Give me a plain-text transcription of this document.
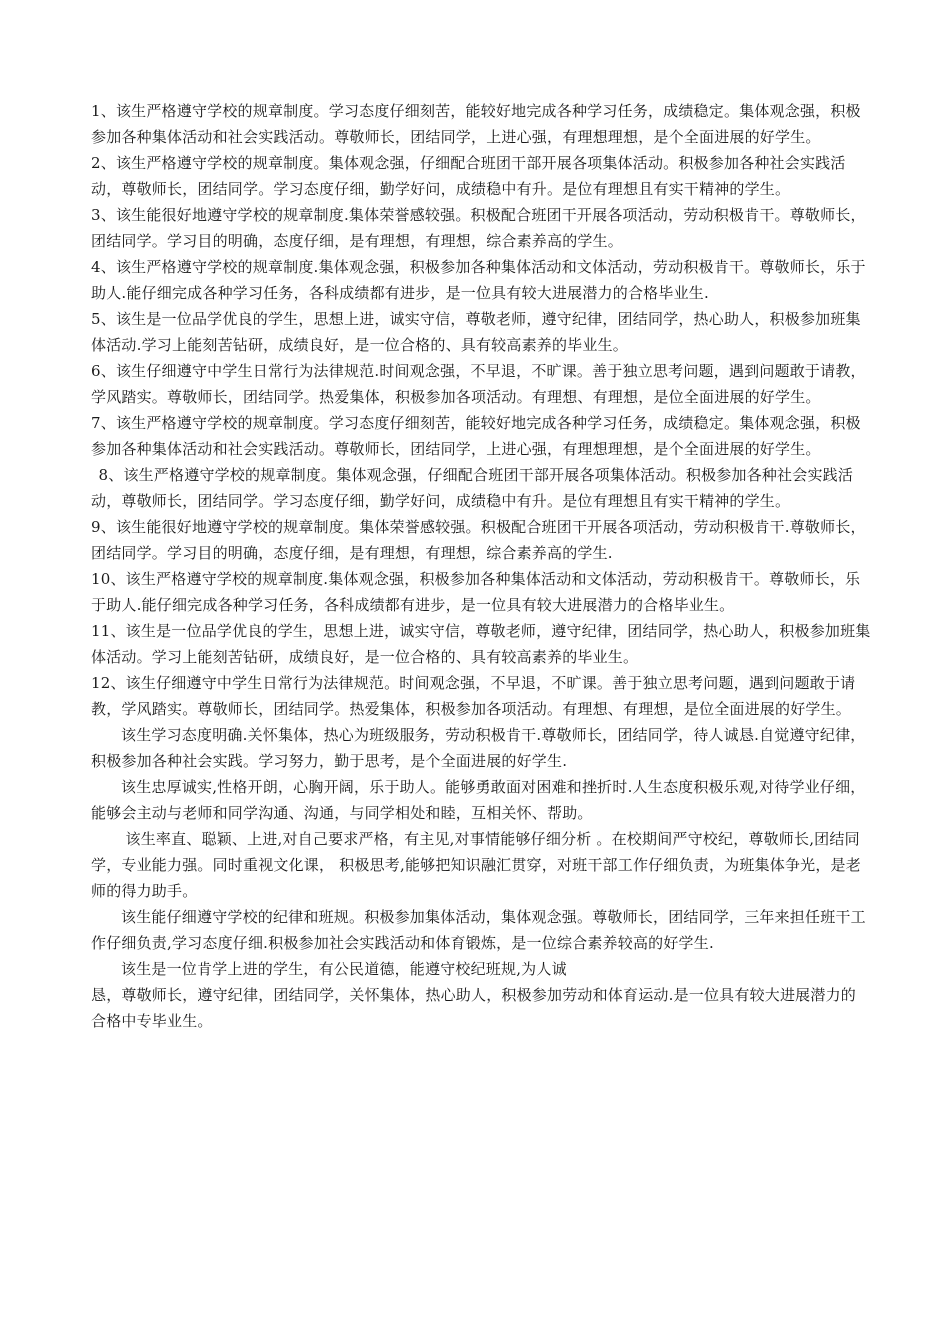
1、该生严格遵守学校的规章制度。学习态度仔细刻苦，能较好地完成各种学习任务，成绩稳定。集体观念强，积极参加各种集体活动和社会实践活动。尊敬师长，团结同学，上进心强，有理想理想，是个全面进展的好学生。

2、该生严格遵守学校的规章制度。集体观念强，仔细配合班团干部开展各项集体活动。积极参加各种社会实践活动，尊敬师长，团结同学。学习态度仔细，勤学好问，成绩稳中有升。是位有理想且有实干精神的学生。

3、该生能很好地遵守学校的规章制度.集体荣誉感较强。积极配合班团干开展各项活动，劳动积极肯干。尊敬师长，团结同学。学习目的明确，态度仔细，是有理想，有理想，综合素养高的学生。

4、该生严格遵守学校的规章制度.集体观念强，积极参加各种集体活动和文体活动，劳动积极肯干。尊敬师长，乐于助人.能仔细完成各种学习任务，各科成绩都有进步，是一位具有较大进展潜力的合格毕业生.

5、该生是一位品学优良的学生，思想上进，诚实守信，尊敬老师，遵守纪律，团结同学，热心助人，积极参加班集体活动.学习上能刻苦钻研，成绩良好，是一位合格的、具有较高素养的毕业生。

6、该生仔细遵守中学生日常行为法律规范.时间观念强，不早退，不旷课。善于独立思考问题，遇到问题敢于请教，学风踏实。尊敬师长，团结同学。热爱集体，积极参加各项活动。有理想、有理想，是位全面进展的好学生。

7、该生严格遵守学校的规章制度。学习态度仔细刻苦，能较好地完成各种学习任务，成绩稳定。集体观念强，积极参加各种集体活动和社会实践活动。尊敬师长，团结同学，上进心强，有理想理想，是个全面进展的好学生。

8、该生严格遵守学校的规章制度。集体观念强，仔细配合班团干部开展各项集体活动。积极参加各种社会实践活动，尊敬师长，团结同学。学习态度仔细，勤学好问，成绩稳中有升。是位有理想且有实干精神的学生。

9、该生能很好地遵守学校的规章制度。集体荣誉感较强。积极配合班团干开展各项活动，劳动积极肯干.尊敬师长，团结同学。学习目的明确，态度仔细，是有理想，有理想，综合素养高的学生.

10、该生严格遵守学校的规章制度.集体观念强，积极参加各种集体活动和文体活动，劳动积极肯干。尊敬师长，乐于助人.能仔细完成各种学习任务，各科成绩都有进步，是一位具有较大进展潜力的合格毕业生。

11、该生是一位品学优良的学生，思想上进，诚实守信，尊敬老师，遵守纪律，团结同学，热心助人，积极参加班集体活动。学习上能刻苦钻研，成绩良好，是一位合格的、具有较高素养的毕业生。

12、该生仔细遵守中学生日常行为法律规范。时间观念强，不早退，不旷课。善于独立思考问题，遇到问题敢于请教，学风踏实。尊敬师长，团结同学。热爱集体，积极参加各项活动。有理想、有理想，是位全面进展的好学生。

该生学习态度明确.关怀集体，热心为班级服务，劳动积极肯干.尊敬师长，团结同学，待人诚恳.自觉遵守纪律，积极参加各种社会实践。学习努力，勤于思考，是个全面进展的好学生.

该生忠厚诚实,性格开朗，心胸开阔，乐于助人。能够勇敢面对困难和挫折时.人生态度积极乐观,对待学业仔细，能够会主动与老师和同学沟通、沟通，与同学相处和睦，互相关怀、帮助。

该生率直、聪颖、上进,对自己要求严格，有主见,对事情能够仔细分析 。在校期间严守校纪，尊敬师长,团结同学，专业能力强。同时重视文化课， 积极思考,能够把知识融汇贯穿，对班干部工作仔细负责，为班集体争光，是老师的得力助手。

该生能仔细遵守学校的纪律和班规。积极参加集体活动，集体观念强。尊敬师长，团结同学，三年来担任班干工作仔细负责,学习态度仔细.积极参加社会实践活动和体育锻炼，是一位综合素养较高的好学生.

该生是一位肯学上进的学生，有公民道德，能遵守校纪班规,为人诚

恳，尊敬师长，遵守纪律，团结同学，关怀集体，热心助人，积极参加劳动和体育运动.是一位具有较大进展潜力的合格中专毕业生。
